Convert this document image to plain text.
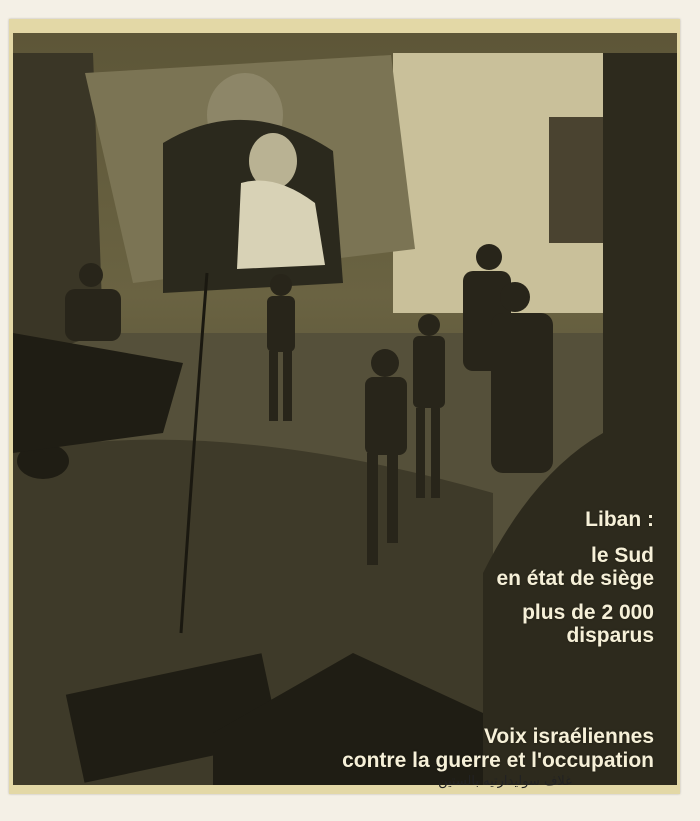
Liban :
le Sud
en état de siège
plus de 2 000
disparus
Voix israéliennes
contre la guerre et l'occupation
غلاف سوليدارتيه بالستين
